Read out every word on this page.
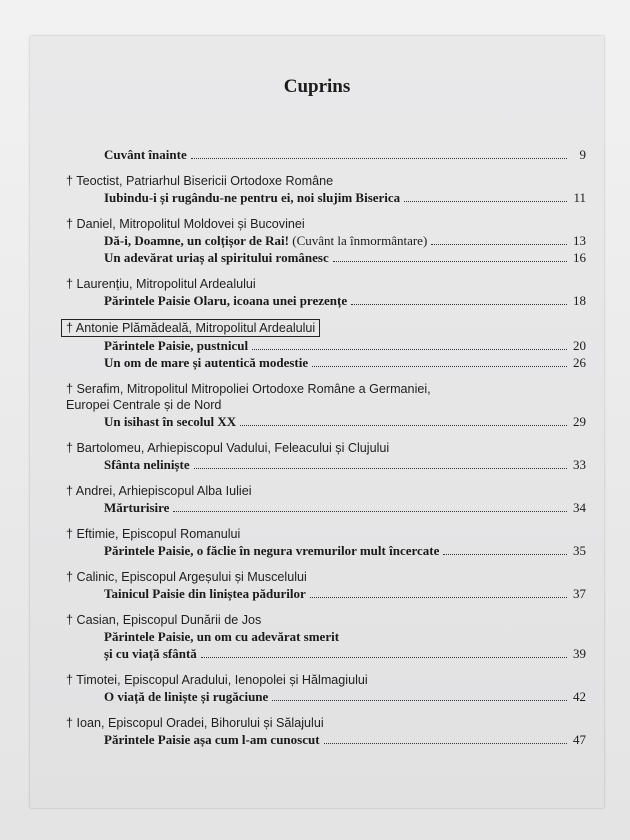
Cuprins
Cuvânt înainte	9
† Teoctist, Patriarhul Bisericii Ortodoxe Române
Iubindu-i și rugându-ne pentru ei, noi slujim Biserica	11
† Daniel, Mitropolitul Moldovei și Bucovinei
Dă-i, Doamne, un colțișor de Rai! (Cuvânt la înmormântare)	13
Un adevărat uriaș al spiritului românesc	16
† Laurențiu, Mitropolitul Ardealului
Părintele Paisie Olaru, icoana unei prezențe	18
† Antonie Plămădeală, Mitropolitul Ardealului
Părintele Paisie, pustnicul	20
Un om de mare și autentică modestie	26
† Serafim, Mitropolitul Mitropoliei Ortodoxe Române a Germaniei,
Europei Centrale și de Nord
Un isihast în secolul XX	29
† Bartolomeu, Arhiepiscopul Vadului, Feleacului și Clujului
Sfânta neliniște	33
† Andrei, Arhiepiscopul Alba Iuliei
Mărturisire	34
† Eftimie, Episcopul Romanului
Părintele Paisie, o făclie în negura vremurilor mult încercate	35
† Calinic, Episcopul Argeșului și Muscelului
Tainicul Paisie din liniștea pădurilor	37
† Casian, Episcopul Dunării de Jos
Părintele Paisie, un om cu adevărat smerit
și cu viață sfântă	39
† Timotei, Episcopul Aradului, Ienopolei și Hălmagiului
O viață de liniște și rugăciune	42
† Ioan, Episcopul Oradei, Bihorului și Sălajului
Părintele Paisie așa cum l-am cunoscut	47
